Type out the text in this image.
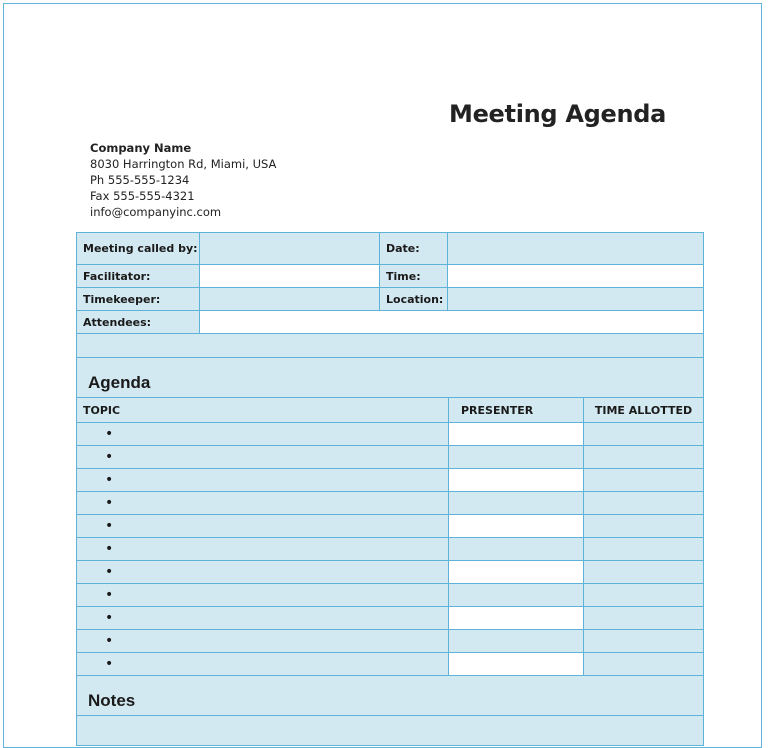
Meeting Agenda
Company Name
8030 Harrington Rd, Miami, USA
Ph 555-555-1234
Fax 555-555-4321
info@companyinc.com
Meeting called by:	Date:
Facilitator:	Time:
Timekeeper:	Location:
Attendees:
Agenda
TOPIC	PRESENTER	TIME ALLOTTED
•
•
•
•
•
•
•
•
•
•
•
Notes
